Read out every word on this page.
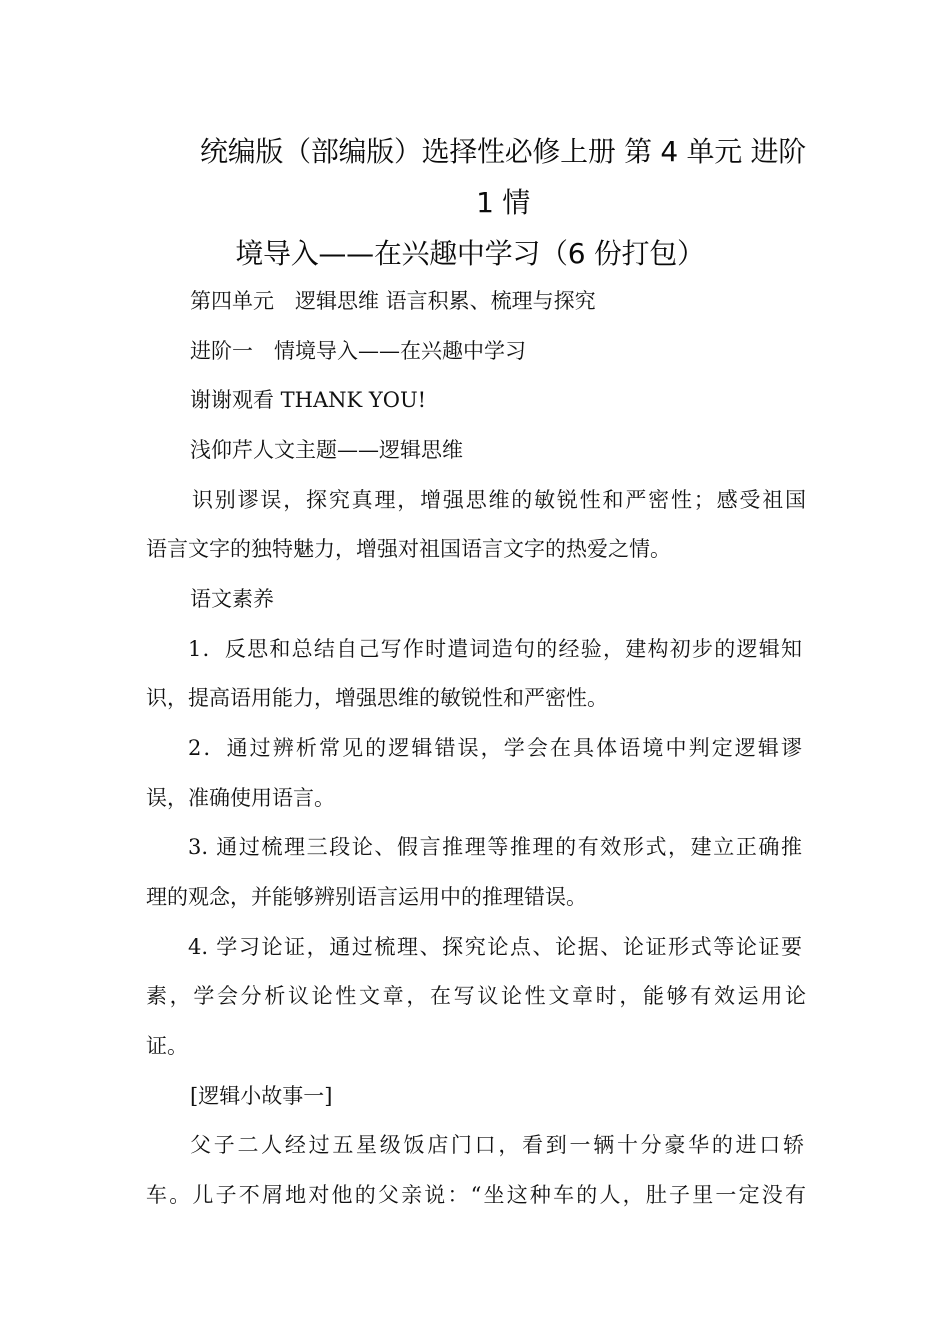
统编版（部编版）选择性必修上册 第 4 单元 进阶 1 情
境导入——在兴趣中学习（6 份打包）
第四单元　逻辑思维 语言积累、梳理与探究
进阶一　情境导入——在兴趣中学习
谢谢观看 THANK YOU!
浅仰芹人文主题——逻辑思维
识别谬误，探究真理，增强思维的敏锐性和严密性；感受祖国
语言文字的独特魅力，增强对祖国语言文字的热爱之情。
语文素养
1．反思和总结自己写作时遣词造句的经验，建构初步的逻辑知
识，提高语用能力，增强思维的敏锐性和严密性。
2．通过辨析常见的逻辑错误，学会在具体语境中判定逻辑谬
误，准确使用语言。
3. 通过梳理三段论、假言推理等推理的有效形式，建立正确推
理的观念，并能够辨别语言运用中的推理错误。
4. 学习论证，通过梳理、探究论点、论据、论证形式等论证要
素，学会分析议论性文章，在写议论性文章时，能够有效运用论
证。
[逻辑小故事一]
父子二人经过五星级饭店门口，看到一辆十分豪华的进口轿
车。儿子不屑地对他的父亲说：“坐这种车的人，肚子里一定没有
